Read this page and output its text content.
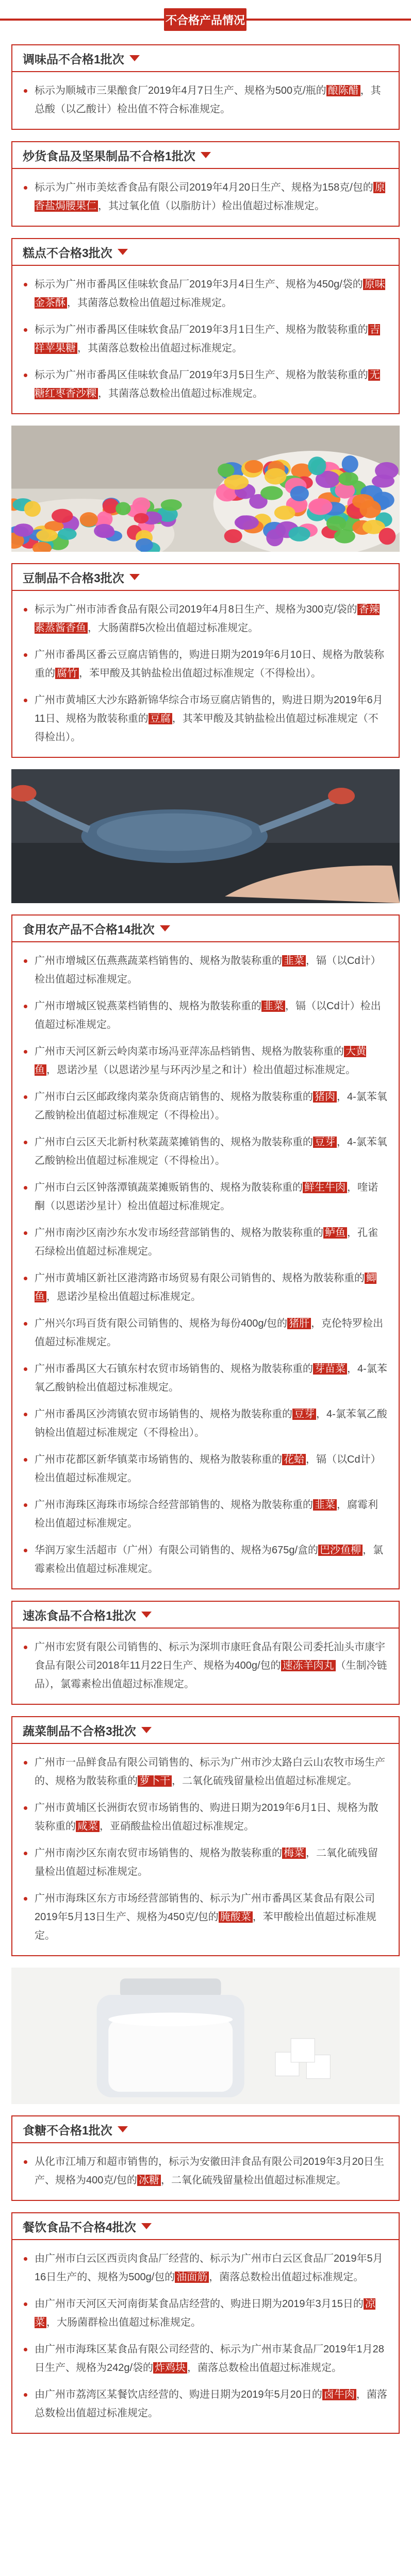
不合格产品情况
调味品不合格1批次
标示为顺城市三果酿食厂2019年4月7日生产、规格为500克/瓶的 酿陈醋 ，其总酸（以乙酸计）检出值不符合标准规定。
炒货食品及坚果制品不合格1批次
标示为广州市美炫香食品有限公司2019年4月20日生产、规格为158克/包的 原香盐焗腰果仁 ，其过氧化值（以脂肪计）检出值超过标准规定。
糕点不合格3批次
标示为广州市番禺区佳味软食品厂2019年3月4日生产、规格为450g/袋的 原味金茶酥 ，其菌落总数检出值超过标准规定。
标示为广州市番禺区佳味软食品厂2019年3月1日生产、规格为散装称重的 吉祥苹果糖 ，其菌落总数检出值超过标准规定。
标示为广州市番禺区佳味软食品厂2019年3月5日生产、规格为散装称重的 无糖红枣香沙粿 ，其菌落总数检出值超过标准规定。
豆制品不合格3批次
标示为广州市沛香食品有限公司2019年4月8日生产、规格为300克/袋的 香辣素蒸酱香鱼 ，大肠菌群5次检出值超过标准规定。
广州市番禺区番云豆腐店销售的，购进日期为2019年6月10日、规格为散装称重的 腐竹 ，苯甲酸及其钠盐检出值超过标准规定（不得检出）。
广州市黄埔区大沙东路新锦华综合市场豆腐店销售的，购进日期为2019年6月11日、规格为散装称重的 豆腐 ，其苯甲酸及其钠盐检出值超过标准规定（不得检出）。
食用农产品不合格14批次
广州市增城区伍燕燕蔬菜档销售的、规格为散装称重的 韭菜 ，镉（以Cd计）检出值超过标准规定。
广州市增城区锐燕菜档销售的、规格为散装称重的 韭菜 ，镉（以Cd计）检出值超过标准规定。
广州市天河区新云岭肉菜市场冯亚萍冻品档销售、规格为散装称重的 大黄鱼 ，恩诺沙星（以恩诺沙星与环丙沙星之和计）检出值超过标准规定。
广州市白云区邮政缘肉菜杂货商店销售的、规格为散装称重的 猪肉 ，4-氯苯氧乙酸钠检出值超过标准规定（不得检出）。
广州市白云区天北新村秋菜蔬菜摊销售的、规格为散装称重的 豆芽 ，4-氯苯氧乙酸钠检出值超过标准规定（不得检出）。
广州市白云区钟落潭镇蔬菜摊贩销售的、规格为散装称重的 鲜生牛肉 ，喹诺酮（以恩诺沙星计）检出值超过标准规定。
广州市南沙区南沙东水发市场经营部销售的、规格为散装称重的 鲈鱼 ，孔雀石绿检出值超过标准规定。
广州市黄埔区新社区港湾路市场贸易有限公司销售的、规格为散装称重的 鲫鱼 ，恩诺沙星检出值超过标准规定。
广州兴尔玛百货有限公司销售的、规格为每份400g/包的 猪肝 ，克伦特罗检出值超过标准规定。
广州市番禺区大石镇东村农贸市场销售的、规格为散装称重的 芽苗菜 ，4-氯苯氧乙酸钠检出值超过标准规定。
广州市番禺区沙湾镇农贸市场销售的、规格为散装称重的 豆芽 ，4-氯苯氧乙酸钠检出值超过标准规定（不得检出）。
广州市花都区新华镇菜市场销售的、规格为散装称重的 花蛤 ，镉（以Cd计）检出值超过标准规定。
广州市海珠区海珠市场综合经营部销售的、规格为散装称重的 韭菜 ，腐霉利检出值超过标准规定。
华润万家生活超市（广州）有限公司销售的、规格为675g/盒的 巴沙鱼柳 ，氯霉素检出值超过标准规定。
速冻食品不合格1批次
广州市宏贤有限公司销售的、标示为深圳市康旺食品有限公司委托汕头市康宇食品有限公司2018年11月22日生产、规格为400g/包的 速冻羊肉丸 （生制冷链品），氯霉素检出值超过标准规定。
蔬菜制品不合格3批次
广州市一品鲜食品有限公司销售的、标示为广州市沙太路白云山农牧市场生产的、规格为散装称重的 萝卜干 ，二氧化硫残留量检出值超过标准规定。
广州市黄埔区长洲街农贸市场销售的、购进日期为2019年6月1日、规格为散装称重的 咸菜 ，亚硝酸盐检出值超过标准规定。
广州市南沙区东南农贸市场销售的、规格为散装称重的 梅菜 ，二氧化硫残留量检出值超过标准规定。
广州市海珠区东方市场经营部销售的、标示为广州市番禺区某食品有限公司2019年5月13日生产、规格为450克/包的 腌酸菜 ，苯甲酸检出值超过标准规定。
食糖不合格1批次
从化市江埔万和超市销售的，标示为安徽田沣食品有限公司2019年3月20日生产、规格为400克/包的 冰糖 ，二氧化硫残留量检出值超过标准规定。
餐饮食品不合格4批次
由广州市白云区西贡肉食品厂经营的、标示为广州市白云区食品厂2019年5月16日生产的、规格为500g/包的 油面筋 ，菌落总数检出值超过标准规定。
由广州市天河区天河南街某食品店经营的、购进日期为2019年3月15日的 凉菜 ，大肠菌群检出值超过标准规定。
由广州市海珠区某食品有限公司经营的、标示为广州市某食品厂2019年1月28日生产、规格为242g/袋的 炸鸡块 ，菌落总数检出值超过标准规定。
由广州市荔湾区某餐饮店经营的、购进日期为2019年5月20日的 卤牛肉 ，菌落总数检出值超过标准规定。
